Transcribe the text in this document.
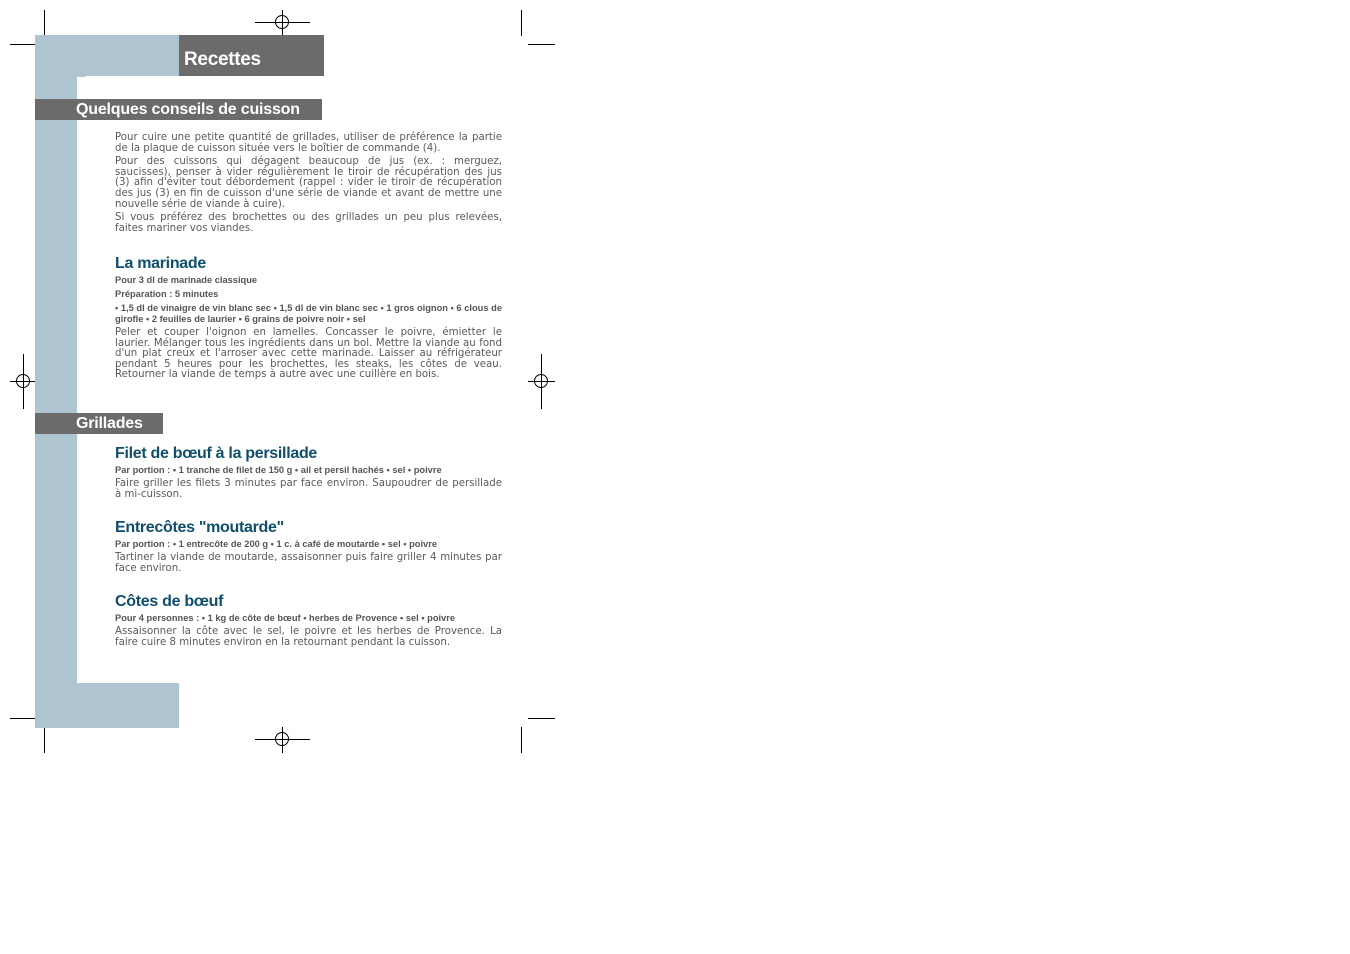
Recettes
Quelques conseils de cuisson

Pour cuire une petite quantité de grillades, utiliser de préférence la partie de la plaque de cuisson située vers le boîtier de commande (4).

Pour des cuissons qui dégagent beaucoup de jus (ex. : merguez, saucisses), penser à vider régulièrement le tiroir de récupération des jus (3) afin d'éviter tout débordement (rappel : vider le tiroir de récupération des jus (3) en fin de cuisson d'une série de viande et avant de mettre une nouvelle série de viande à cuire).

Si vous préférez des brochettes ou des grillades un peu plus relevées, faites mariner vos viandes.

La marinade

Pour 3 dl de marinade classique

Préparation : 5 minutes

• 1,5 dl de vinaigre de vin blanc sec • 1,5 dl de vin blanc sec • 1 gros oignon • 6 clous de girofle • 2 feuilles de laurier • 6 grains de poivre noir • sel

Peler et couper l'oignon en lamelles. Concasser le poivre, émietter le laurier. Mélanger tous les ingrédients dans un bol. Mettre la viande au fond d'un plat creux et l'arroser avec cette marinade. Laisser au réfrigérateur pendant 5 heures pour les brochettes, les steaks, les côtes de veau. Retourner la viande de temps à autre avec une cuillère en bois.

Grillades

Filet de bœuf à la persillade

Par portion : • 1 tranche de filet de 150 g • ail et persil hachés • sel • poivre

Faire griller les filets 3 minutes par face environ. Saupoudrer de persillade à mi-cuisson.

Entrecôtes "moutarde"

Par portion : • 1 entrecôte de 200 g • 1 c. à café de moutarde • sel • poivre

Tartiner la viande de moutarde, assaisonner puis faire griller 4 minutes par face environ.

Côtes de bœuf

Pour 4 personnes : • 1 kg de côte de bœuf • herbes de Provence • sel • poivre

Assaisonner la côte avec le sel, le poivre et les herbes de Provence. La faire cuire 8 minutes environ en la retournant pendant la cuisson.
